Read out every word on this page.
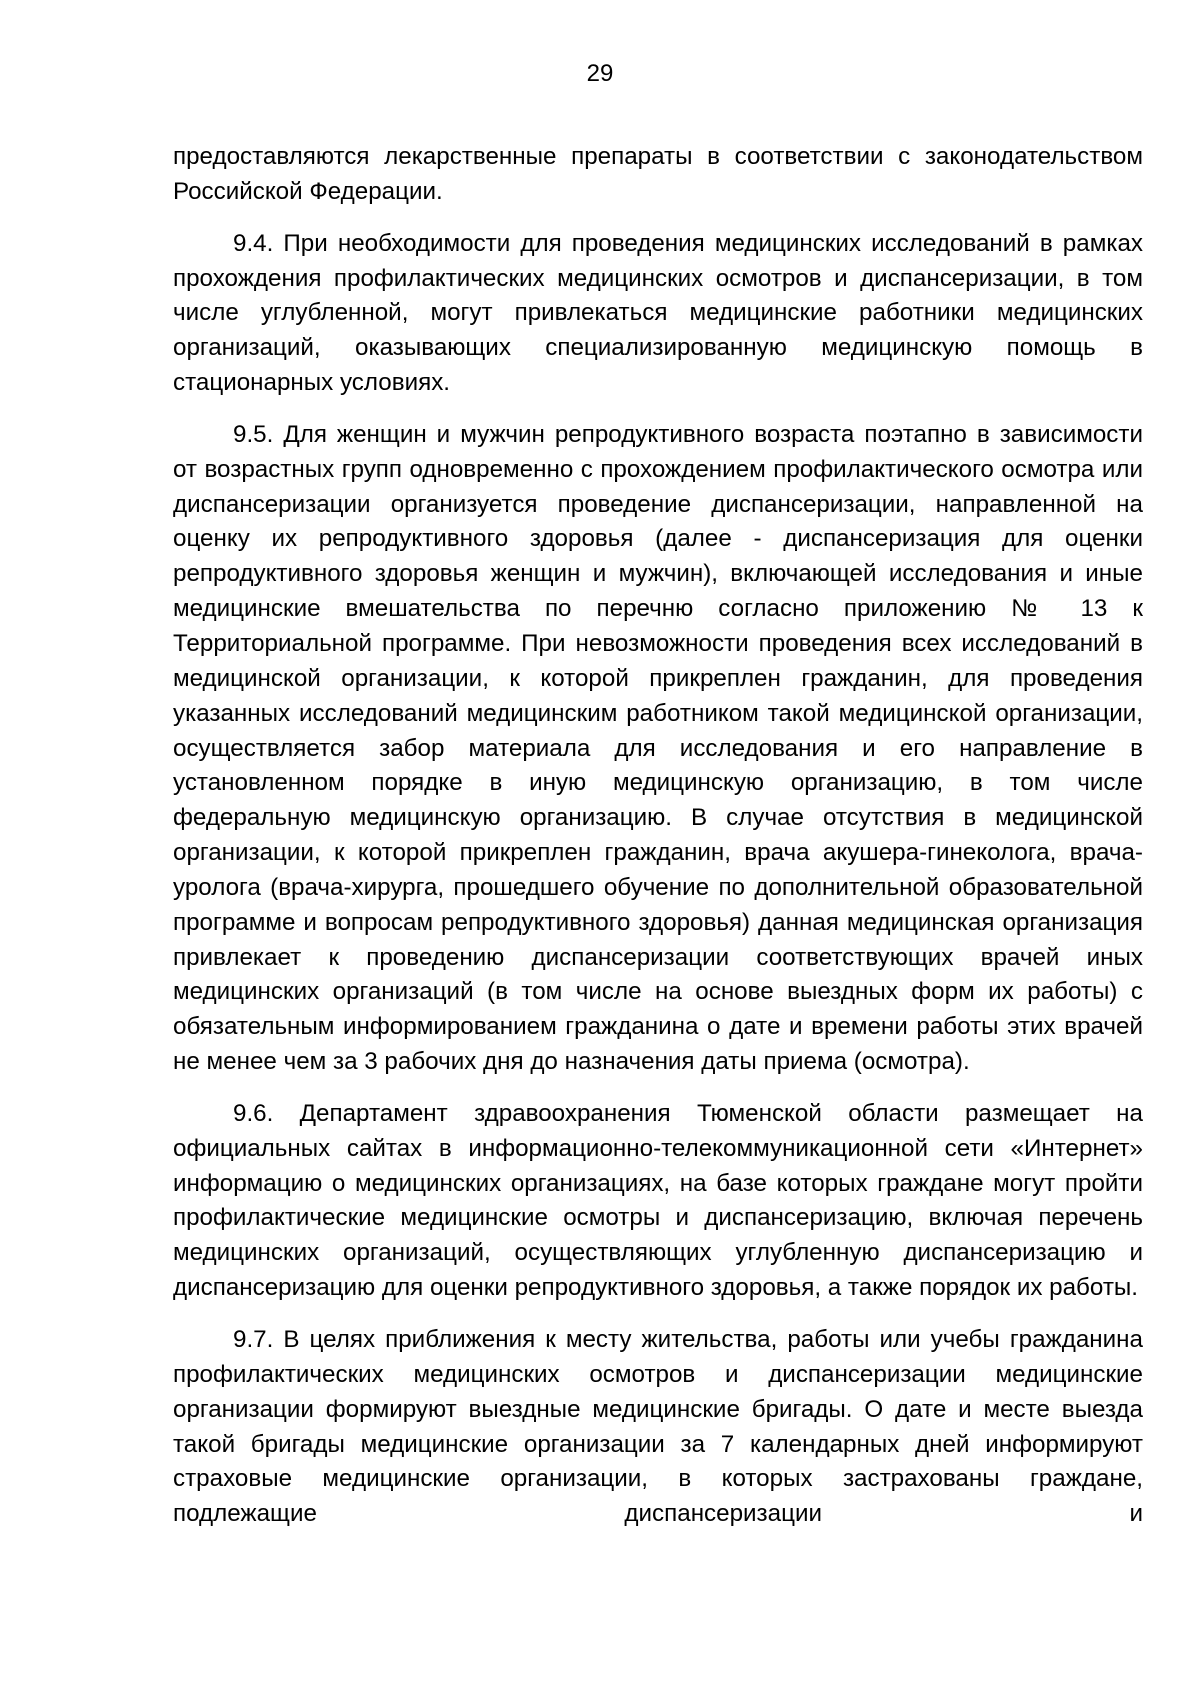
29

предоставляются лекарственные препараты в соответствии с законодательством Российской Федерации.

9.4. При необходимости для проведения медицинских исследований в рамках прохождения профилактических медицинских осмотров и диспансеризации, в том числе углубленной, могут привлекаться медицинские работники медицинских организаций, оказывающих специализированную медицинскую помощь в стационарных условиях.

9.5. Для женщин и мужчин репродуктивного возраста поэтапно в зависимости от возрастных групп одновременно с прохождением профилактического осмотра или диспансеризации организуется проведение диспансеризации, направленной на оценку их репродуктивного здоровья (далее - диспансеризация для оценки репродуктивного здоровья женщин и мужчин), включающей исследования и иные медицинские вмешательства по перечню согласно приложению № 13 к Территориальной программе. При невозможности проведения всех исследований в медицинской организации, к которой прикреплен гражданин, для проведения указанных исследований медицинским работником такой медицинской организации, осуществляется забор материала для исследования и его направление в установленном порядке в иную медицинскую организацию, в том числе федеральную медицинскую организацию. В случае отсутствия в медицинской организации, к которой прикреплен гражданин, врача акушера-гинеколога, врача-уролога (врача-хирурга, прошедшего обучение по дополнительной образовательной программе и вопросам репродуктивного здоровья) данная медицинская организация привлекает к проведению диспансеризации соответствующих врачей иных медицинских организаций (в том числе на основе выездных форм их работы) с обязательным информированием гражданина о дате и времени работы этих врачей не менее чем за 3 рабочих дня до назначения даты приема (осмотра).

9.6. Департамент здравоохранения Тюменской области размещает на официальных сайтах в информационно-телекоммуникационной сети «Интернет» информацию о медицинских организациях, на базе которых граждане могут пройти профилактические медицинские осмотры и диспансеризацию, включая перечень медицинских организаций, осуществляющих углубленную диспансеризацию и диспансеризацию для оценки репродуктивного здоровья, а также порядок их работы.

9.7. В целях приближения к месту жительства, работы или учебы гражданина профилактических медицинских осмотров и диспансеризации медицинские организации формируют выездные медицинские бригады. О дате и месте выезда такой бригады медицинские организации за 7 календарных дней информируют страховые медицинские организации, в которых застрахованы граждане, подлежащие диспансеризации и
